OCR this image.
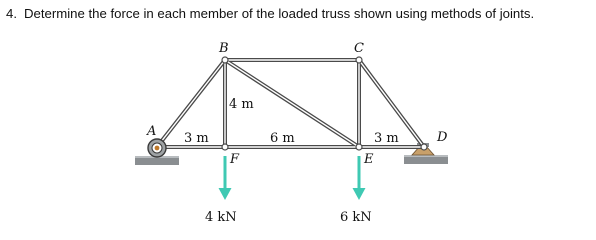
4. Determine the force in each member of the loaded truss shown using methods of joints.

A
B	C
D
F	E
4 m
3 m	6 m	3 m
4 kN	6 kN
